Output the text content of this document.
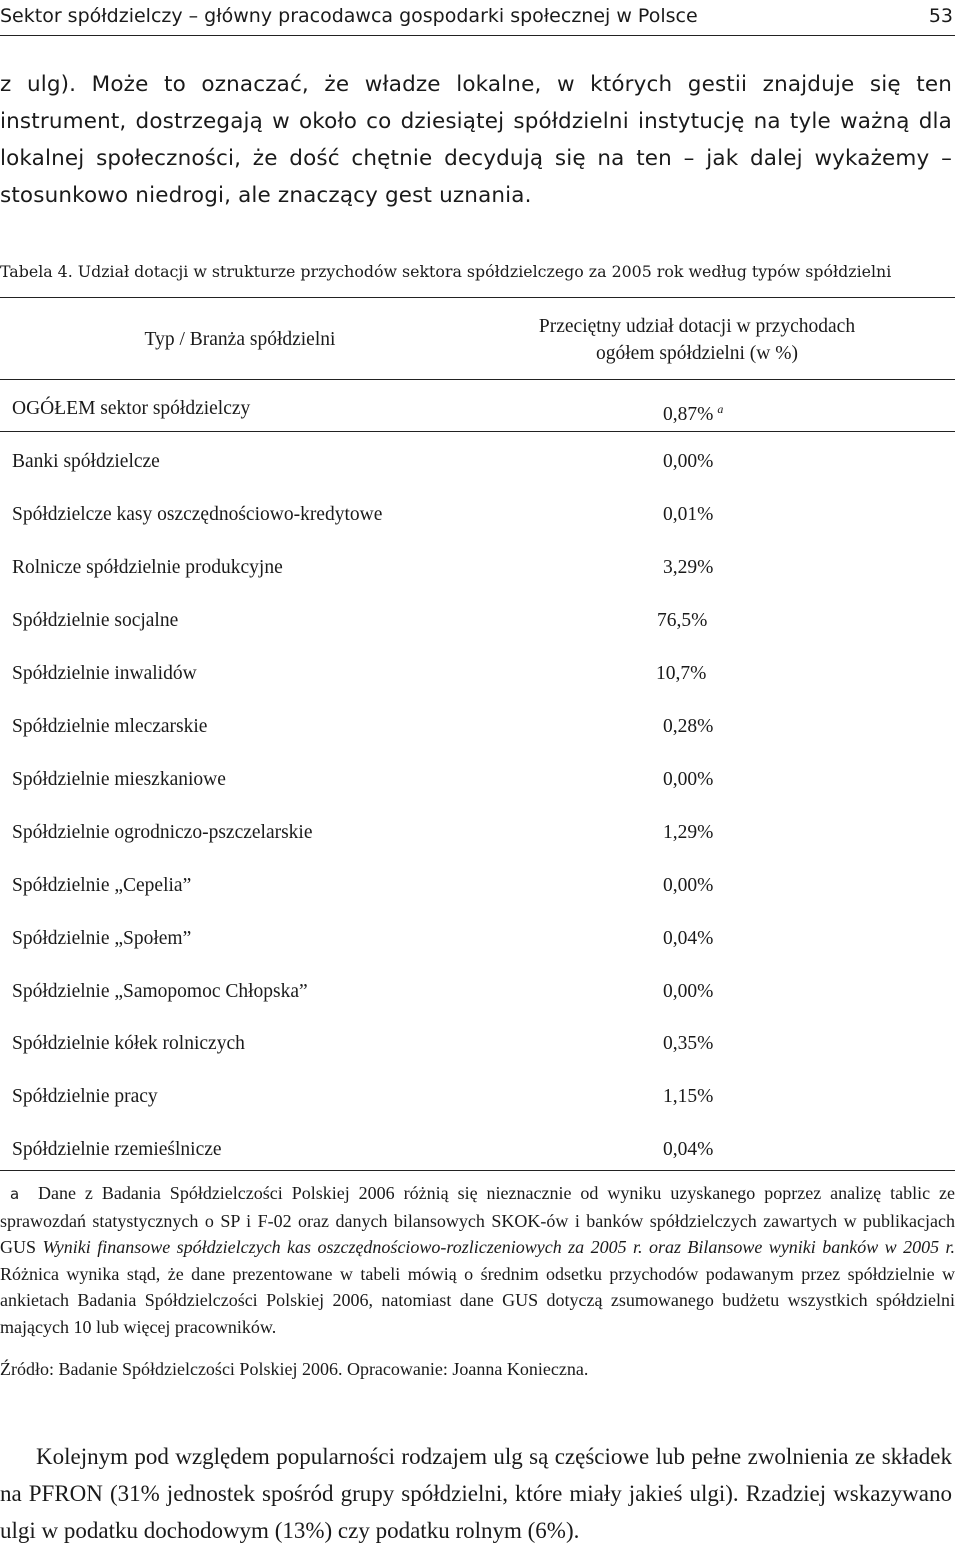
Sektor spółdzielczy – główny pracodawca gospodarki społecznej w Polsce	53
z ulg). Może to oznaczać, że władze lokalne, w których gestii znajduje się ten instrument, dostrzegają w około co dziesiątej spółdzielni instytucję na tyle ważną dla lokalnej społeczności, że dość chętnie decydują się na ten – jak dalej wykażemy – stosunkowo niedrogi, ale znaczący gest uznania.
Tabela 4. Udział dotacji w strukturze przychodów sektora spółdzielczego za 2005 rok według typów spółdzielni
Typ / Branża spółdzielni
Przeciętny udział dotacji w przychodach
ogółem spółdzielni (w %)
OGÓŁEM sektor spółdzielczy	0,87% $^a$
Banki spółdzielcze	0,00%
Spółdzielcze kasy oszczędnościowo-kredytowe	0,01%
Rolnicze spółdzielnie produkcyjne	3,29%
Spółdzielnie socjalne	76,5%
Spółdzielnie inwalidów	10,7%
Spółdzielnie mleczarskie	0,28%
Spółdzielnie mieszkaniowe	0,00%
Spółdzielnie ogrodniczo-pszczelarskie	1,29%
Spółdzielnie „Cepelia”	0,00%
Spółdzielnie „Społem”	0,04%
Spółdzielnie „Samopomoc Chłopska”	0,00%
Spółdzielnie kółek rolniczych	0,35%
Spółdzielnie pracy	1,15%
Spółdzielnie rzemieślnicze	0,04%
a Dane z Badania Spółdzielczości Polskiej 2006 różnią się nieznacznie od wyniku uzyskanego poprzez analizę tablic ze sprawozdań statystycznych o SP i F-02 oraz danych bilansowych SKOK-ów i banków spółdzielczych zawartych w publikacjach GUS Wyniki finansowe spółdzielczych kas oszczędnościowo-rozliczeniowych za 2005 r. oraz Bilansowe wyniki banków w 2005 r. Różnica wynika stąd, że dane prezentowane w tabeli mówią o średnim odsetku przychodów podawanym przez spółdzielnie w ankietach Badania Spółdzielczości Polskiej 2006, natomiast dane GUS dotyczą zsumowanego budżetu wszystkich spółdzielni mających 10 lub więcej pracowników.
Źródło: Badanie Spółdzielczości Polskiej 2006. Opracowanie: Joanna Konieczna.
Kolejnym pod względem popularności rodzajem ulg są częściowe lub pełne zwolnienia ze składek na PFRON (31% jednostek spośród grupy spółdzielni, które miały jakieś ulgi). Rzadziej wskazywano ulgi w podatku dochodowym (13%) czy podatku rolnym (6%).
